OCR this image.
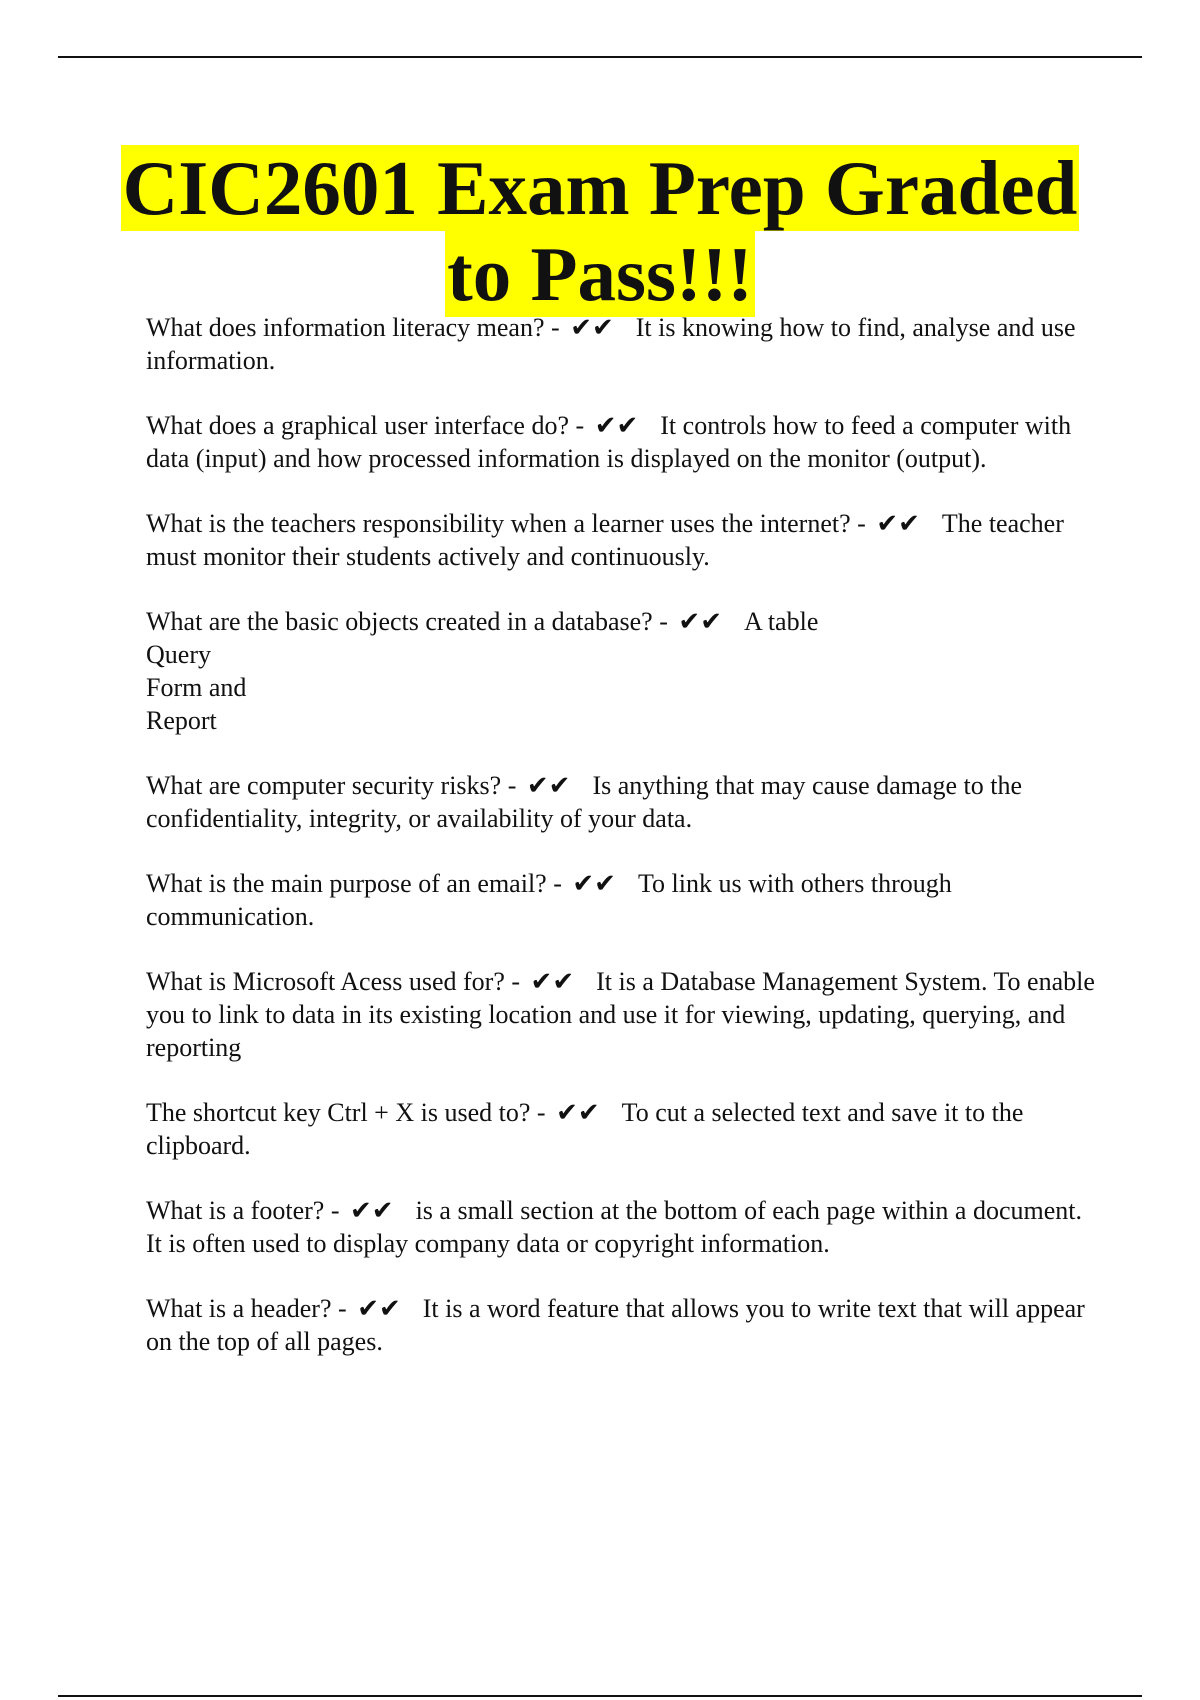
CIC2601 Exam Prep Graded to Pass!!!
What does information literacy mean? - ✔✔ It is knowing how to find, analyse and use information.
What does a graphical user interface do? - ✔✔ It controls how to feed a computer with data (input) and how processed information is displayed on the monitor (output).
What is the teachers responsibility when a learner uses the internet? - ✔✔ The teacher must monitor their students actively and continuously.
What are the basic objects created in a database? - ✔✔ A table
Query
Form and
Report
What are computer security risks? - ✔✔ Is anything that may cause damage to the confidentiality, integrity, or availability of your data.
What is the main purpose of an email? - ✔✔ To link us with others through communication.
What is Microsoft Acess used for? - ✔✔ It is a Database Management System. To enable you to link to data in its existing location and use it for viewing, updating, querying, and reporting
The shortcut key Ctrl + X is used to? - ✔✔ To cut a selected text and save it to the clipboard.
What is a footer? - ✔✔ is a small section at the bottom of each page within a document. It is often used to display company data or copyright information.
What is a header? - ✔✔ It is a word feature that allows you to write text that will appear on the top of all pages.
